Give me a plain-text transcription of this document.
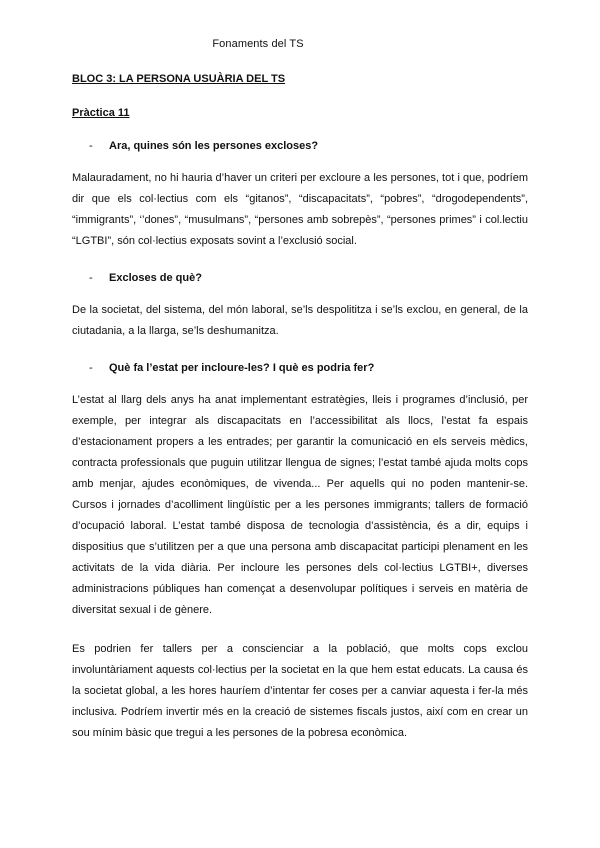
Fonaments del TS
BLOC 3: LA PERSONA USUÀRIA DEL TS
Pràctica 11
-	Ara, quines són les persones excloses?

Malauradament, no hi hauria d’haver un criteri per excloure a les persones, tot i que, podríem dir que els col·lectius com els “gitanos”, “discapacitats”, “pobres”, “drogodependents”, “immigrants”, ‘’dones”, “musulmans”, “persones amb sobrepès”, “persones primes” i col.lectiu “LGTBI”, són col·lectius exposats sovint a l’exclusió social.

-	Excloses de què?

De la societat, del sistema, del món laboral, se’ls despolititza i se’ls exclou, en general, de la ciutadania, a la llarga, se’ls deshumanitza.

-	Què fa l’estat per incloure-les? I què es podria fer?

L’estat al llarg dels anys ha anat implementant estratègies, lleis i programes d’inclusió, per exemple, per integrar als discapacitats en l’accessibilitat als llocs, l’estat fa espais d’estacionament propers a les entrades; per garantir la comunicació en els serveis mèdics, contracta professionals que puguin utilitzar llengua de signes; l’estat també ajuda molts cops amb menjar, ajudes econòmiques, de vivenda... Per aquells qui no poden mantenir-se. Cursos i jornades d’acolliment lingüístic per a les persones immigrants; tallers de formació d’ocupació laboral. L’estat també disposa de tecnologia d’assistència, és a dir, equips i dispositius que s’utilitzen per a que una persona amb discapacitat participi plenament en les activitats de la vida diària. Per incloure les persones dels col·lectius LGTBI+, diverses administracions públiques han començat a desenvolupar polítiques i serveis en matèria de diversitat sexual i de gènere.

Es podrien fer tallers per a conscienciar a la població, que molts cops exclou involuntàriament aquests col·lectius per la societat en la que hem estat educats. La causa és la societat global, a les hores hauríem d’intentar fer coses per a canviar aquesta i fer-la més inclusiva. Podríem invertir més en la creació de sistemes fiscals justos, així com en crear un sou mínim bàsic que tregui a les persones de la pobresa econòmica.
